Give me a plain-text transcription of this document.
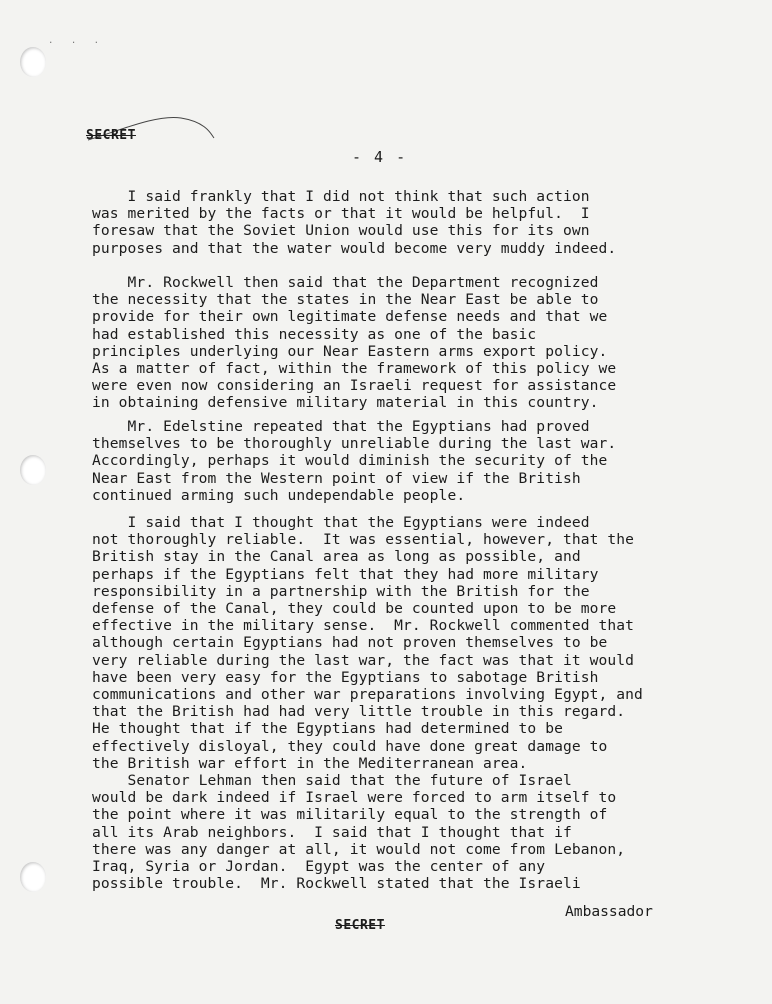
. . .
SECRET
- 4 -

I said frankly that I did not think that such action
was merited by the facts or that it would be helpful.  I
foresaw that the Soviet Union would use this for its own
purposes and that the water would become very muddy indeed.

Mr. Rockwell then said that the Department recognized
the necessity that the states in the Near East be able to
provide for their own legitimate defense needs and that we
had established this necessity as one of the basic
principles underlying our Near Eastern arms export policy.
As a matter of fact, within the framework of this policy we
were even now considering an Israeli request for assistance
in obtaining defensive military material in this country.

Mr. Edelstine repeated that the Egyptians had proved
themselves to be thoroughly unreliable during the last war.
Accordingly, perhaps it would diminish the security of the
Near East from the Western point of view if the British
continued arming such undependable people.

I said that I thought that the Egyptians were indeed
not thoroughly reliable.  It was essential, however, that the
British stay in the Canal area as long as possible, and
perhaps if the Egyptians felt that they had more military
responsibility in a partnership with the British for the
defense of the Canal, they could be counted upon to be more
effective in the military sense.  Mr. Rockwell commented that
although certain Egyptians had not proven themselves to be
very reliable during the last war, the fact was that it would
have been very easy for the Egyptians to sabotage British
communications and other war preparations involving Egypt, and
that the British had had very little trouble in this regard.
He thought that if the Egyptians had determined to be
effectively disloyal, they could have done great damage to
the British war effort in the Mediterranean area.

Senator Lehman then said that the future of Israel
would be dark indeed if Israel were forced to arm itself to
the point where it was militarily equal to the strength of
all its Arab neighbors.  I said that I thought that if
there was any danger at all, it would not come from Lebanon,
Iraq, Syria or Jordan.  Egypt was the center of any
possible trouble.  Mr. Rockwell stated that the Israeli

Ambassador
SECRET
